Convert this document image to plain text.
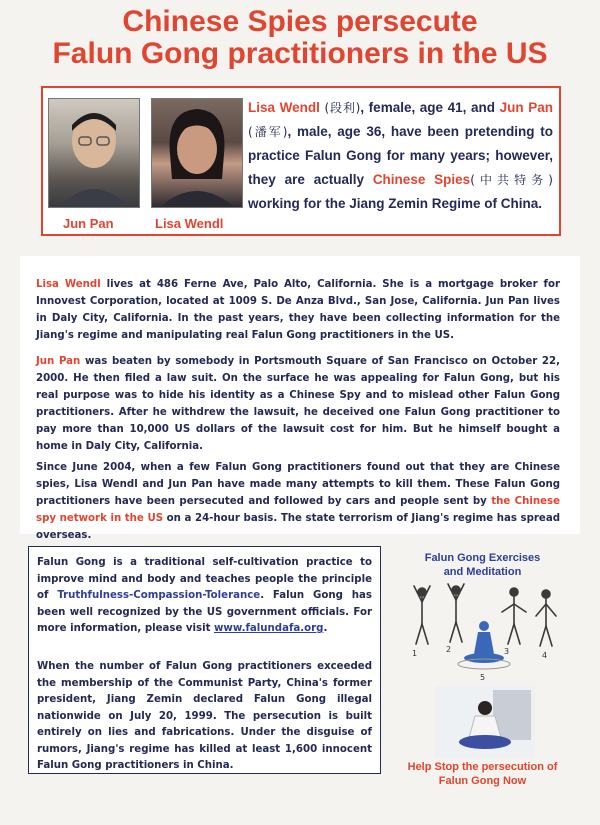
Chinese Spies persecute
Falun Gong practitioners in the US
Jun Pan	Lisa Wendl
Lisa Wendl (段利), female, age 41, and Jun Pan (潘军), male, age 36, have been pretending to practice Falun Gong for many years; however, they are actually Chinese Spies(中共特务) working for the Jiang Zemin Regime of China.
Lisa Wendl lives at 486 Ferne Ave, Palo Alto, California. She is a mortgage broker for Innovest Corporation, located at 1009 S. De Anza Blvd., San Jose, California. Jun Pan lives in Daly City, California. In the past years, they have been collecting information for the Jiang's regime and manipulating real Falun Gong practitioners in the US.
Jun Pan was beaten by somebody in Portsmouth Square of San Francisco on October 22, 2000. He then filed a law suit. On the surface he was appealing for Falun Gong, but his real purpose was to hide his identity as a Chinese Spy and to mislead other Falun Gong practitioners. After he withdrew the lawsuit, he deceived one Falun Gong practitioner to pay more than 10,000 US dollars of the lawsuit cost for him. But he himself bought a home in Daly City, California.
Since June 2004, when a few Falun Gong practitioners found out that they are Chinese spies, Lisa Wendl and Jun Pan have made many attempts to kill them. These Falun Gong practitioners have been persecuted and followed by cars and people sent by the Chinese spy network in the US on a 24-hour basis. The state terrorism of Jiang's regime has spread overseas.
Falun Gong is a traditional self-cultivation practice to improve mind and body and teaches people the principle of Truthfulness-Compassion-Tolerance. Falun Gong has been well recognized by the US government officials. For more information, please visit www.falundafa.org.
When the number of Falun Gong practitioners exceeded the membership of the Communist Party, China's former president, Jiang Zemin declared Falun Gong illegal nationwide on July 20, 1999. The persecution is built entirely on lies and fabrications. Under the disguise of rumors, Jiang's regime has killed at least 1,600 innocent Falun Gong practitioners in China.
Falun Gong Exercises
and Meditation
1	2	3	4
5
Help Stop the persecution of
Falun Gong Now
